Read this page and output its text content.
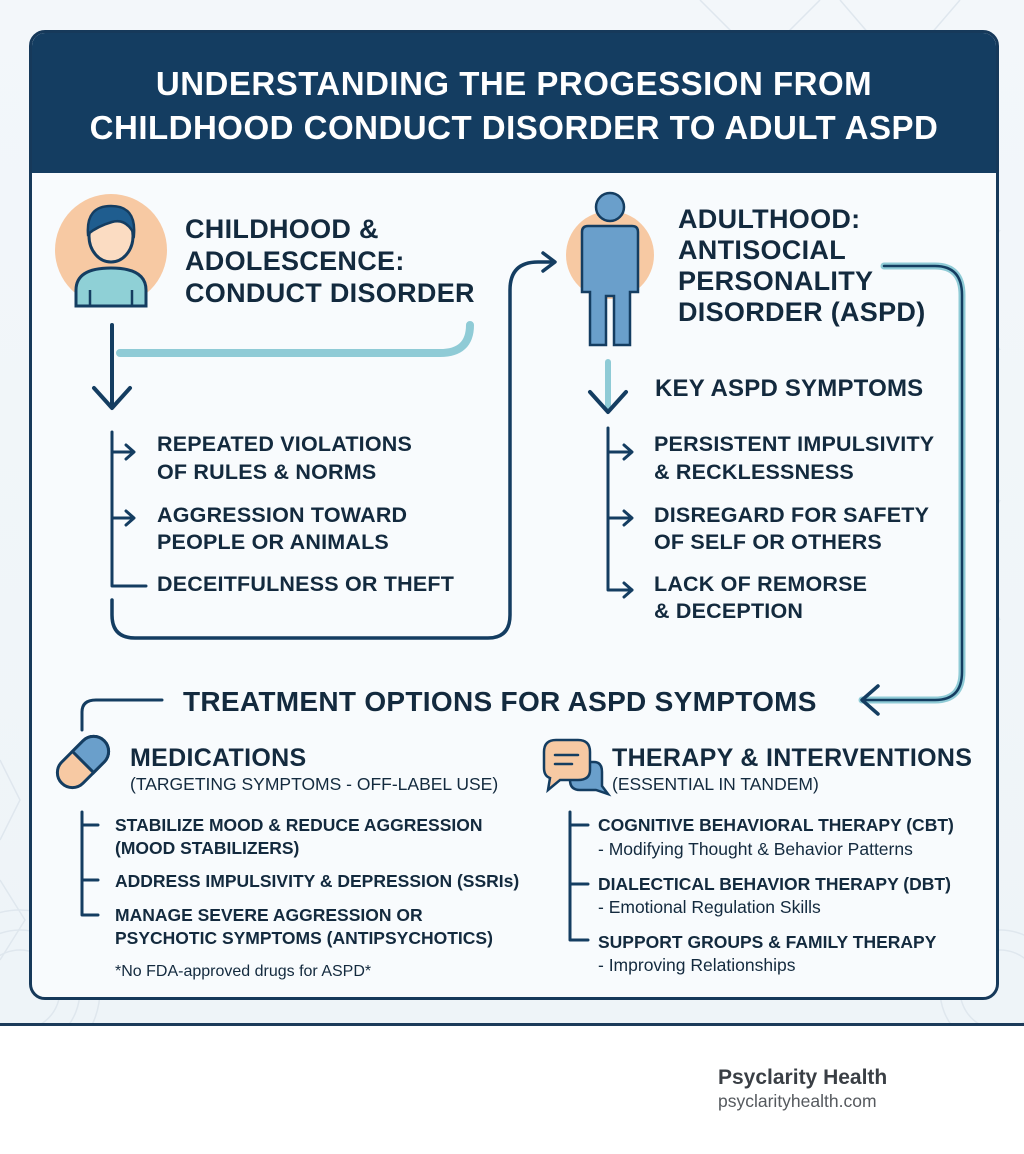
UNDERSTANDING THE PROGESSION FROM
CHILDHOOD CONDUCT DISORDER TO ADULT ASPD
CHILDHOOD &
ADOLESCENCE:
CONDUCT DISORDER
REPEATED VIOLATIONS
OF RULES & NORMS
AGGRESSION TOWARD
PEOPLE OR ANIMALS
DECEITFULNESS OR THEFT
ADULTHOOD:
ANTISOCIAL
PERSONALITY
DISORDER (ASPD)
KEY ASPD SYMPTOMS
PERSISTENT IMPULSIVITY
& RECKLESSNESS
DISREGARD FOR SAFETY
OF SELF OR OTHERS
LACK OF REMORSE
& DECEPTION
TREATMENT OPTIONS FOR ASPD SYMPTOMS
MEDICATIONS
(TARGETING SYMPTOMS - OFF-LABEL USE)
STABILIZE MOOD & REDUCE AGGRESSION
(MOOD STABILIZERS)
ADDRESS IMPULSIVITY & DEPRESSION (SSRIs)
MANAGE SEVERE AGGRESSION OR
PSYCHOTIC SYMPTOMS (ANTIPSYCHOTICS)
*No FDA-approved drugs for ASPD*
THERAPY & INTERVENTIONS
(ESSENTIAL IN TANDEM)
COGNITIVE BEHAVIORAL THERAPY (CBT)
- Modifying Thought & Behavior Patterns
DIALECTICAL BEHAVIOR THERAPY (DBT)
- Emotional Regulation Skills
SUPPORT GROUPS & FAMILY THERAPY
- Improving Relationships
Psyclarity Health
psyclarityhealth.com
